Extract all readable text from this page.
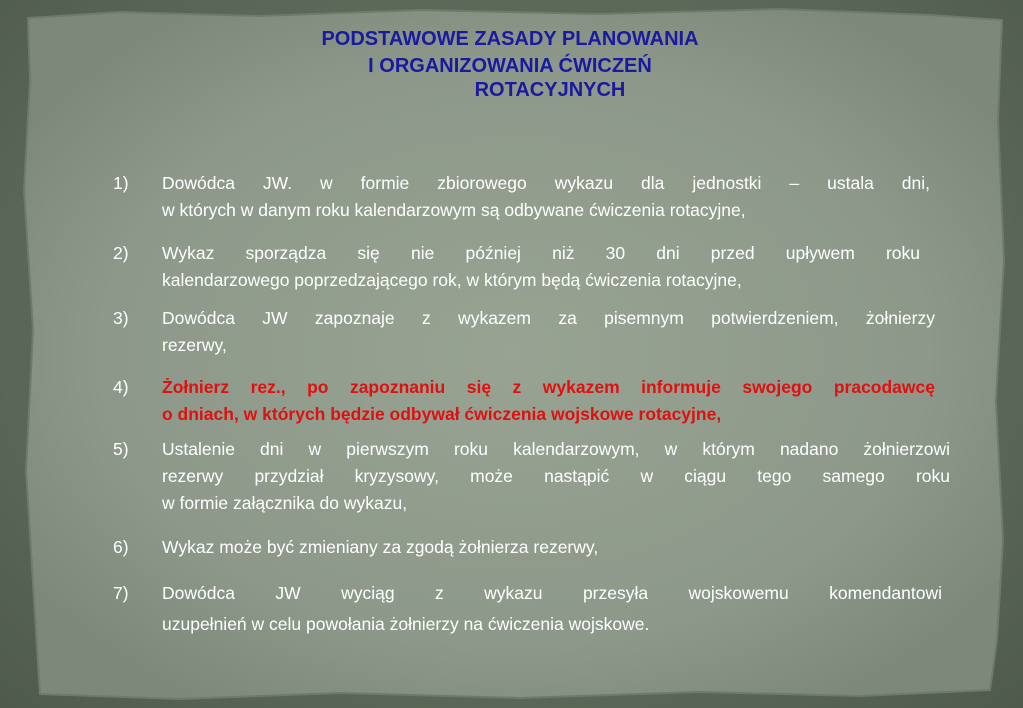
PODSTAWOWE ZASADY PLANOWANIA
I ORGANIZOWANIA ĆWICZEŃ
ROTACYJNYCH
1)	Dowódca JW. w formie zbiorowego wykazu dla jednostki – ustala dni,
w których w danym roku kalendarzowym są odbywane ćwiczenia rotacyjne,
2)	Wykaz sporządza się nie później niż 30 dni przed upływem roku
kalendarzowego poprzedzającego rok, w którym będą ćwiczenia rotacyjne,
3)	Dowódca JW zapoznaje z wykazem za pisemnym potwierdzeniem, żołnierzy
rezerwy,
4)	Żołnierz rez., po zapoznaniu się z wykazem informuje swojego pracodawcę
o dniach, w których będzie odbywał ćwiczenia wojskowe rotacyjne,
5)	Ustalenie dni w pierwszym roku kalendarzowym, w którym nadano żołnierzowi
rezerwy przydział kryzysowy, może nastąpić w ciągu tego samego roku
w formie załącznika do wykazu,
6)	Wykaz może być zmieniany za zgodą żołnierza rezerwy,
7)	Dowódca JW wyciąg z wykazu przesyła wojskowemu komendantowi
uzupełnień w celu powołania żołnierzy na ćwiczenia wojskowe.
